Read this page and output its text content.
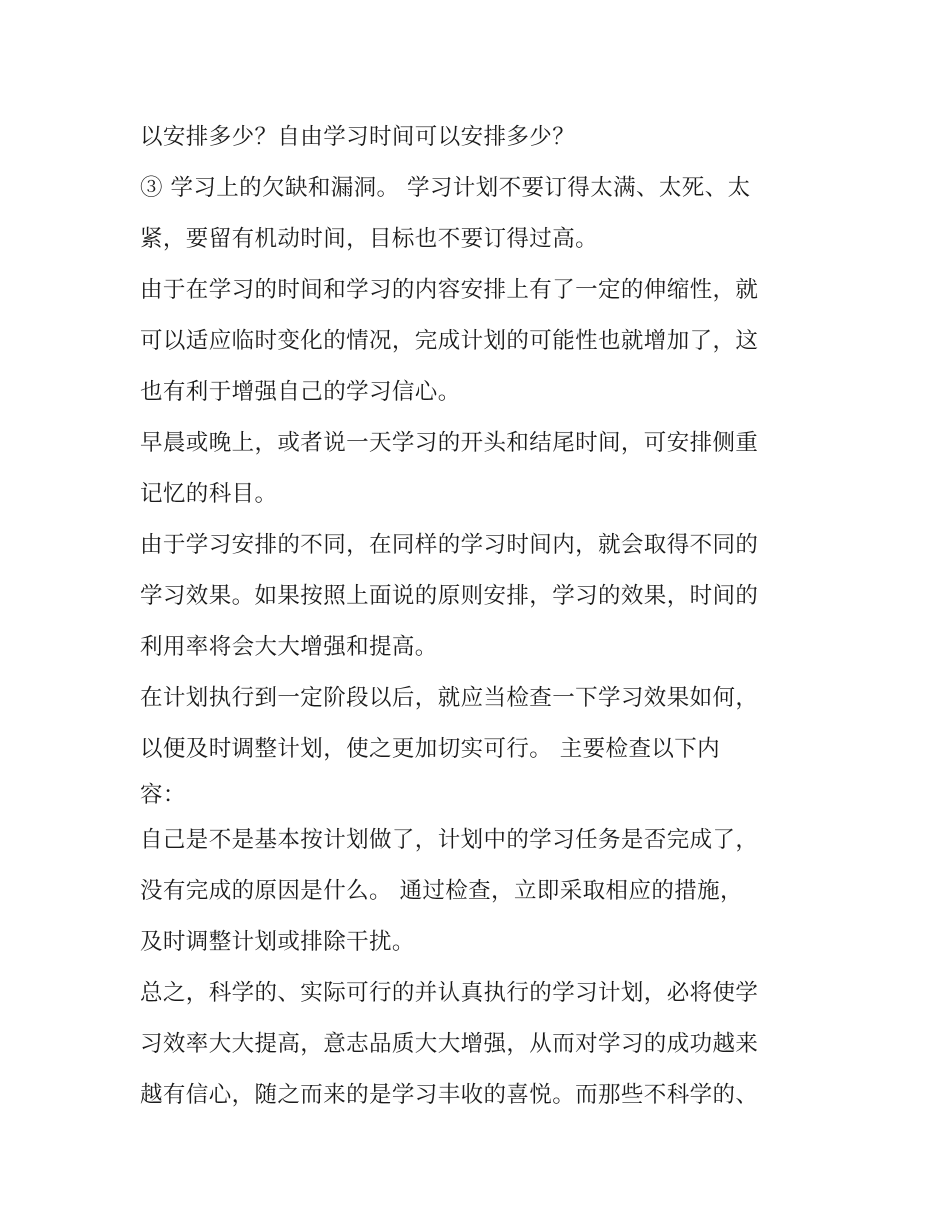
以安排多少？自由学习时间可以安排多少？
③ 学习上的欠缺和漏洞。 学习计划不要订得太满、太死、太
紧，要留有机动时间，目标也不要订得过高。
由于在学习的时间和学习的内容安排上有了一定的伸缩性，就
可以适应临时变化的情况，完成计划的可能性也就增加了，这
也有利于增强自己的学习信心。
早晨或晚上，或者说一天学习的开头和结尾时间，可安排侧重
记忆的科目。
由于学习安排的不同，在同样的学习时间内，就会取得不同的
学习效果。如果按照上面说的原则安排，学习的效果，时间的
利用率将会大大增强和提高。
在计划执行到一定阶段以后，就应当检查一下学习效果如何，
以便及时调整计划，使之更加切实可行。 主要检查以下内
容：
自己是不是基本按计划做了，计划中的学习任务是否完成了，
没有完成的原因是什么。 通过检查，立即采取相应的措施，
及时调整计划或排除干扰。
总之，科学的、实际可行的并认真执行的学习计划，必将使学
习效率大大提高，意志品质大大增强，从而对学习的成功越来
越有信心，随之而来的是学习丰收的喜悦。而那些不科学的、
